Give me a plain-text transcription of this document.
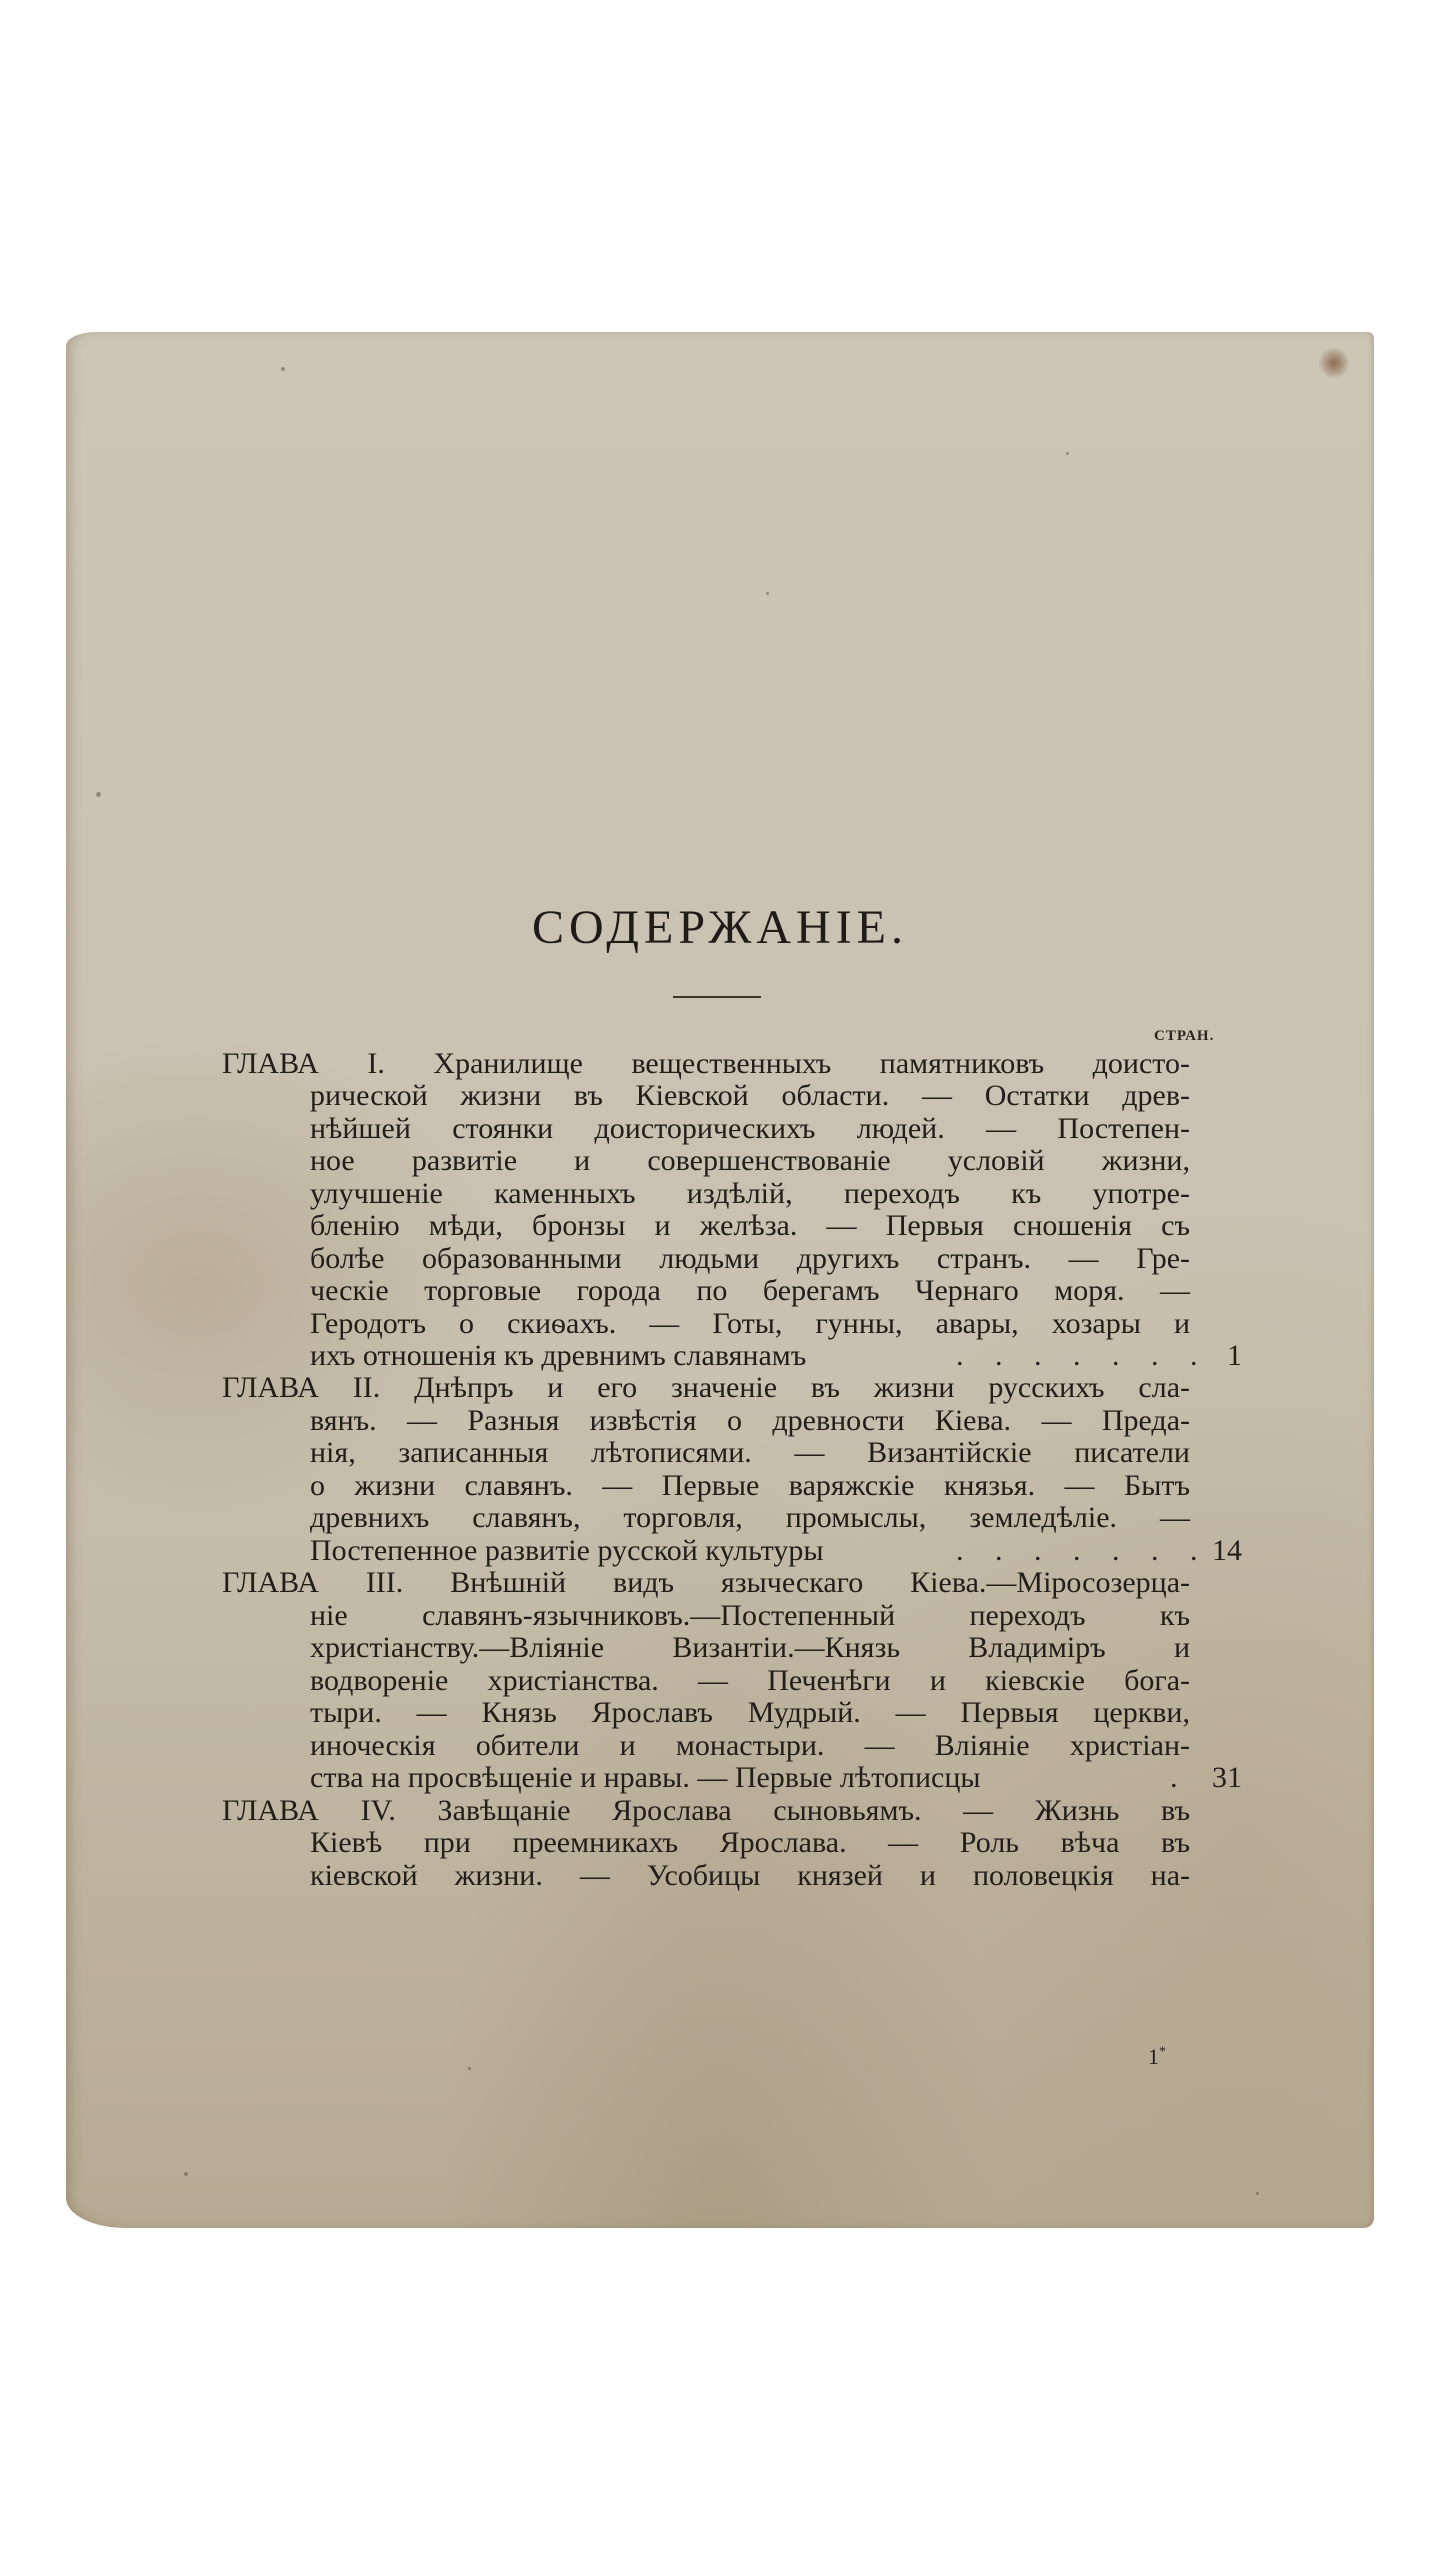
СОДЕРЖАНІЕ.
СТРАН.
ГЛАВА I. Хранилище вещественныхъ памятниковъ доисто-
рической жизни въ Кіевской области. — Остатки древ-
нѣйшей стоянки доисторическихъ людей. — Постепен-
ное развитіе и совершенствованіе условій жизни,
улучшеніе каменныхъ издѣлій, переходъ къ употре-
бленію мѣди, бронзы и желѣза. — Первыя сношенія съ
болѣе образованными людьми другихъ странъ. — Гре-
ческіе торговые города по берегамъ Чернаго моря. —
Геродотъ о скиѳахъ. — Готы, гунны, авары, хозары и
ихъ отношенія къ древнимъ славянамъ	. . . . . . . 1
ГЛАВА II. Днѣпръ и его значеніе въ жизни русскихъ сла-
вянъ. — Разныя извѣстія о древности Кіева. — Преда-
нія, записанныя лѣтописями. — Византійскіе писатели
о жизни славянъ. — Первые варяжскіе князья. — Бытъ
древнихъ славянъ, торговля, промыслы, земледѣліе. —
Постепенное развитіе русской культуры	. . . . . . . 14
ГЛАВА III. Внѣшній видъ языческаго Кіева.—Міросозерца-
ніе славянъ-язычниковъ.—Постепенный переходъ къ
христіанству.—Вліяніе Византіи.—Князь Владиміръ и
водвореніе христіанства. — Печенѣги и кіевскіе бога-
тыри. — Князь Ярославъ Мудрый. — Первыя церкви,
иноческія обители и монастыри. — Вліяніе христіан-
ства на просвѣщеніе и нравы. — Первые лѣтописцы	.	31
ГЛАВА IV. Завѣщаніе Ярослава сыновьямъ. — Жизнь въ
Кіевѣ при преемникахъ Ярослава. — Роль вѣча въ
кіевской жизни. — Усобицы князей и половецкія на-
1*
